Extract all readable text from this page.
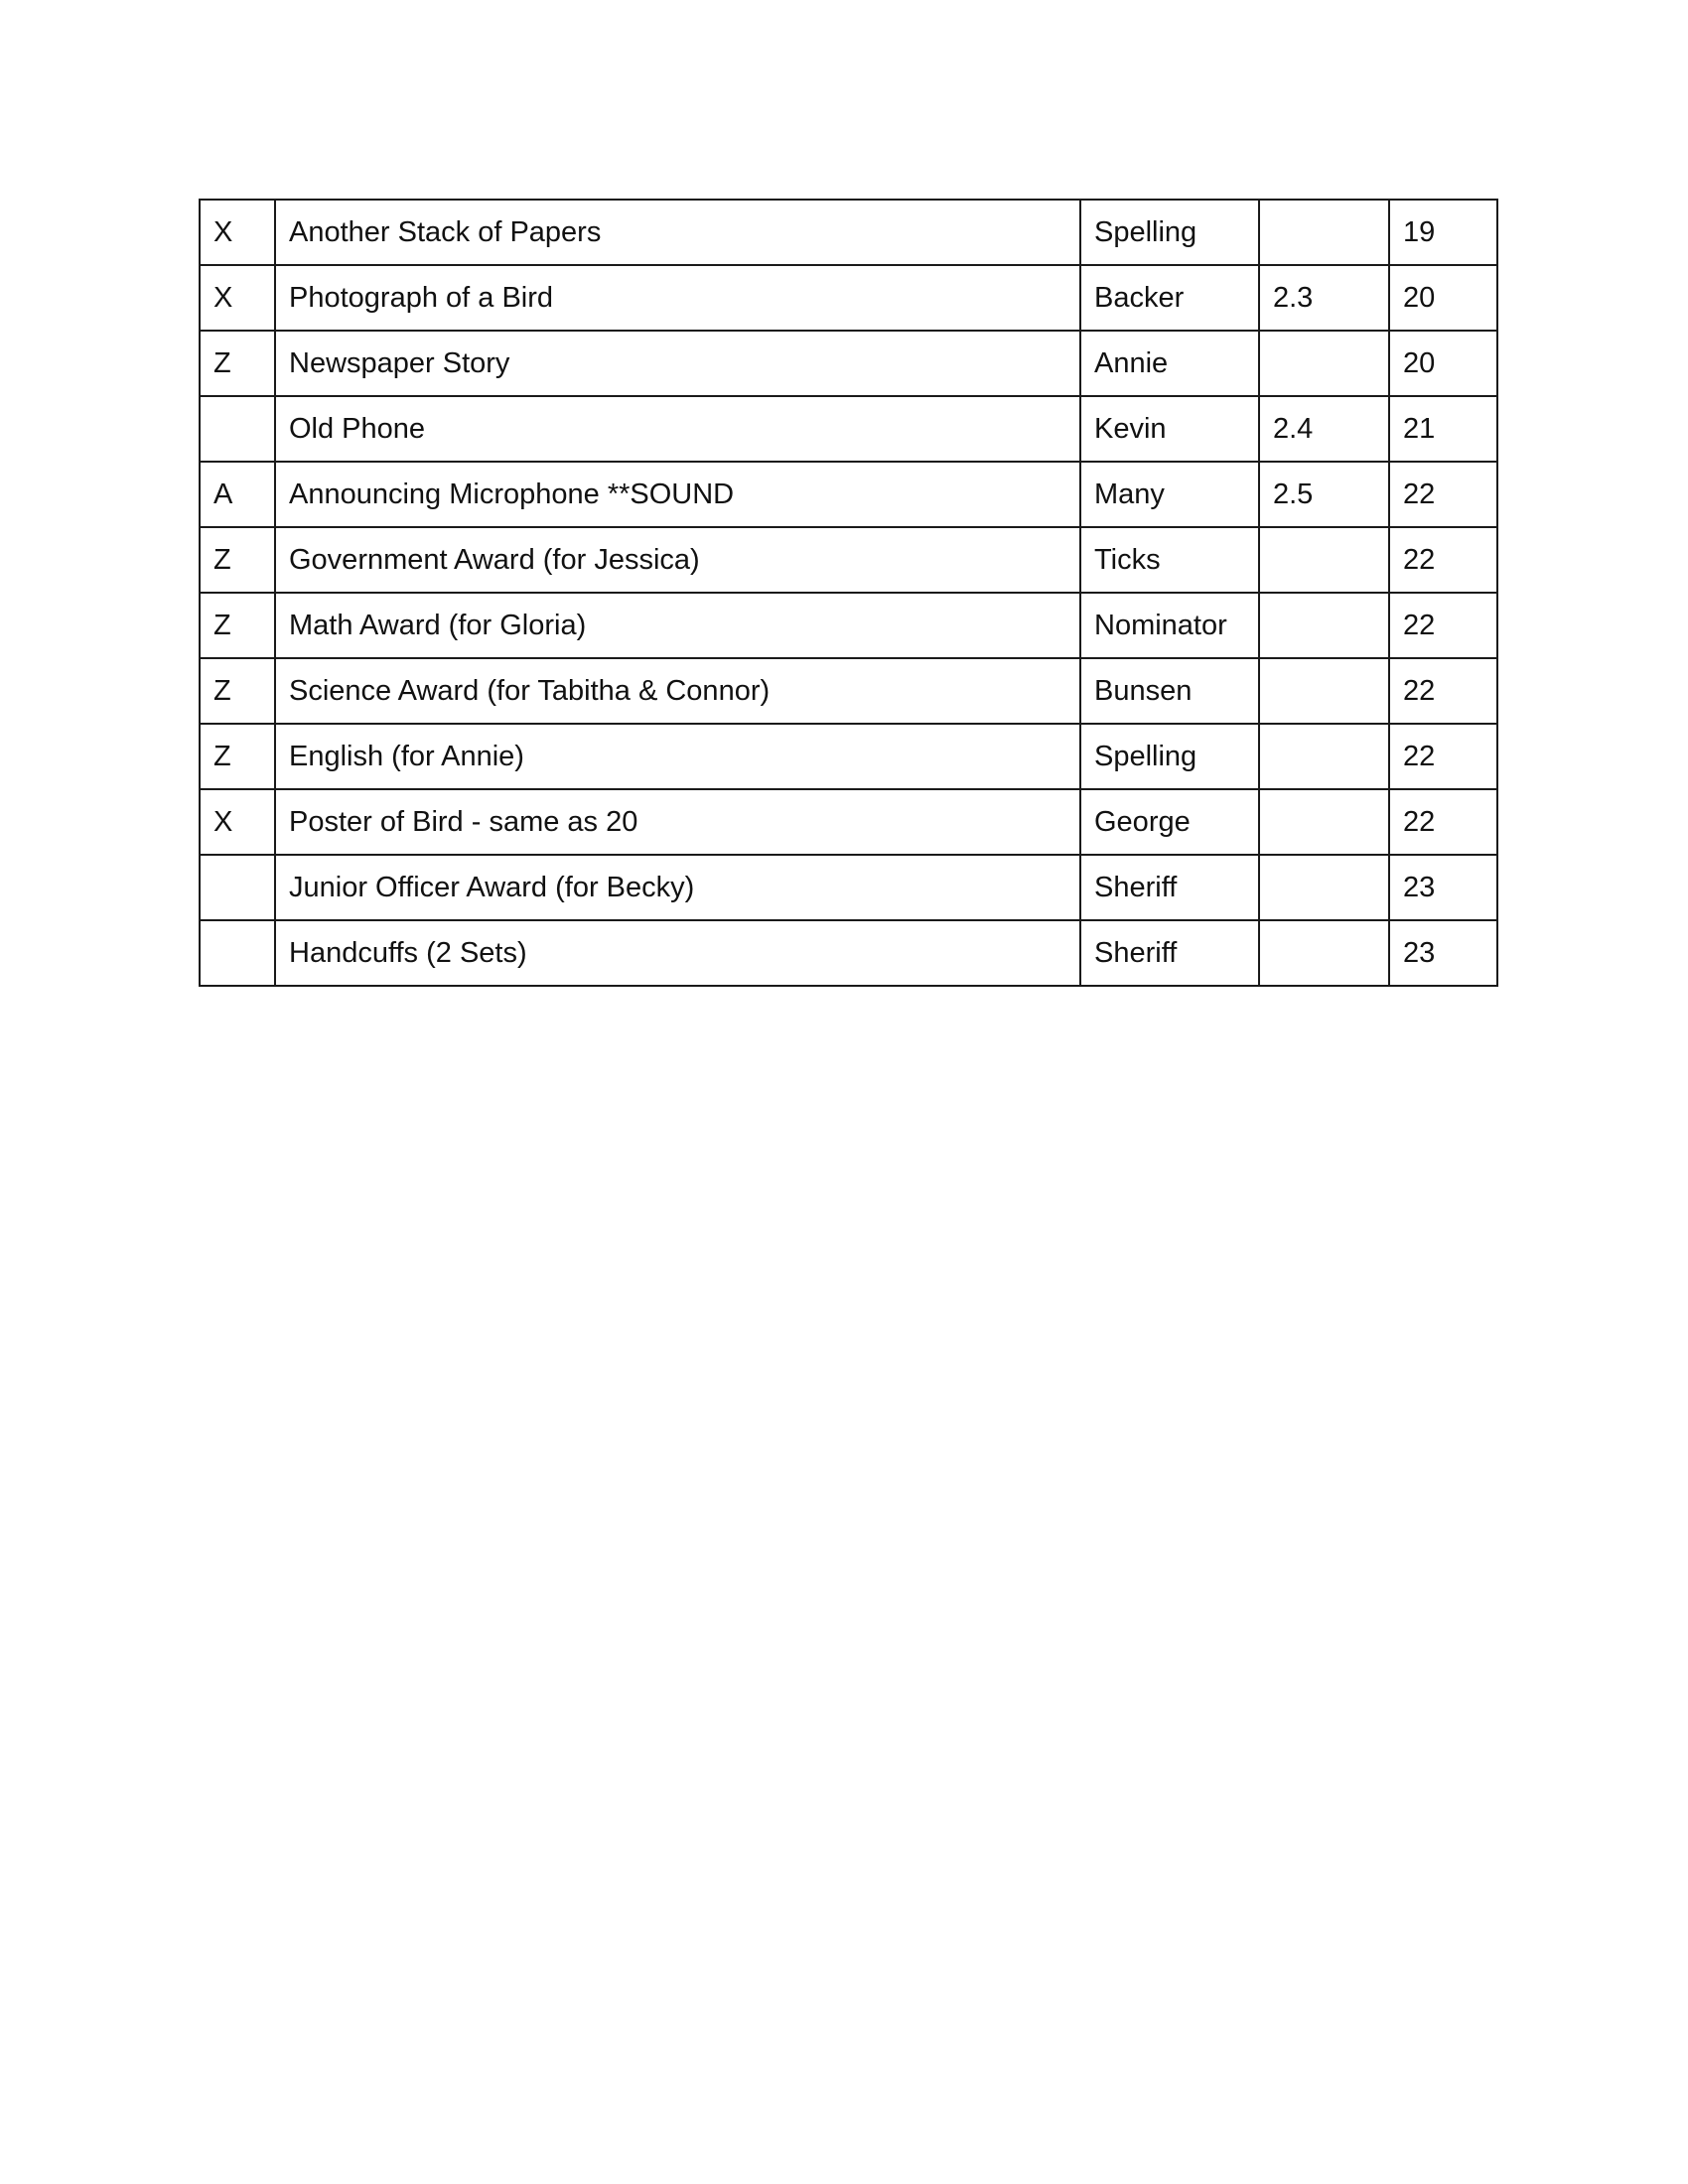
X	Another Stack of Papers	Spelling		19
X	Photograph of a Bird	Backer	2.3	20
Z	Newspaper Story	Annie		20
	Old Phone	Kevin	2.4	21
A	Announcing Microphone **SOUND	Many	2.5	22
Z	Government Award (for Jessica)	Ticks		22
Z	Math Award (for Gloria)	Nominator		22
Z	Science Award (for Tabitha & Connor)	Bunsen		22
Z	English (for Annie)	Spelling		22
X	Poster of Bird - same as 20	George		22
	Junior Officer Award (for Becky)	Sheriff		23
	Handcuffs (2 Sets)	Sheriff		23
